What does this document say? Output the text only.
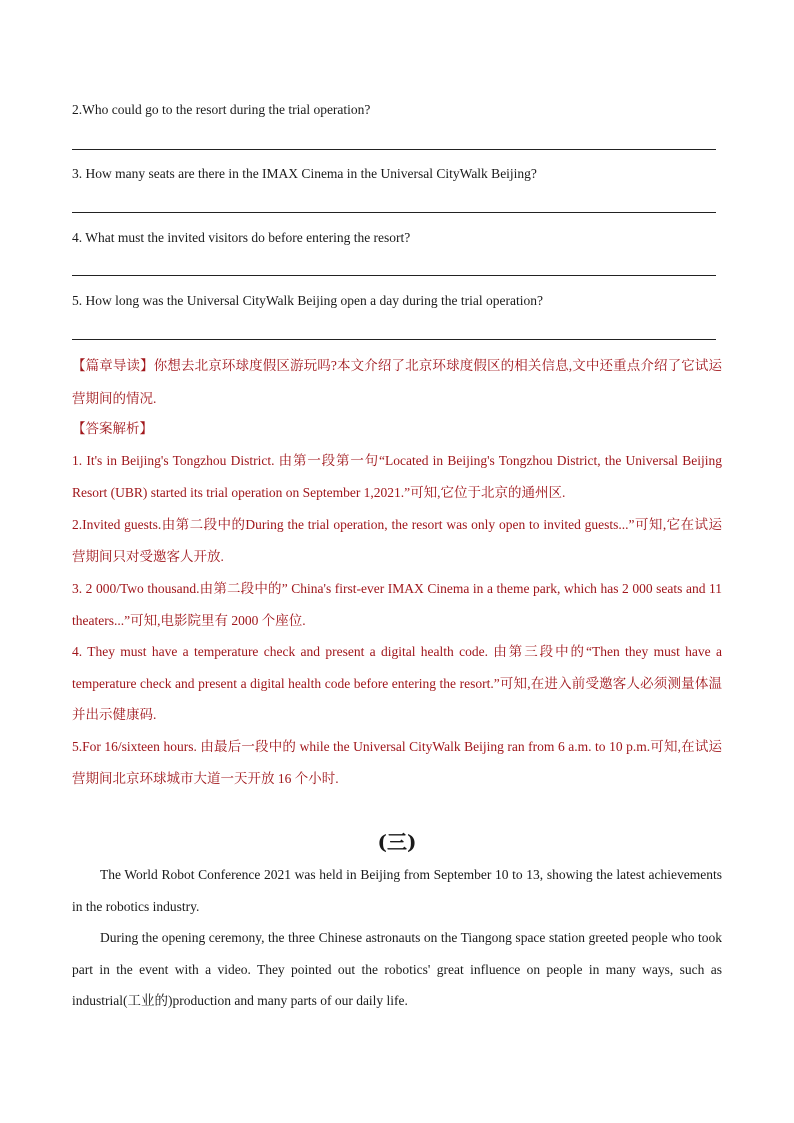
2.Who could go to the resort during the trial operation?
3. How many seats are there in the IMAX Cinema in the Universal CityWalk Beijing?
4. What must the invited visitors do before entering the resort?
5. How long was the Universal CityWalk Beijing open a day during the trial operation?
【篇章导读】你想去北京环球度假区游玩吗?本文介绍了北京环球度假区的相关信息,文中还重点介绍了它试运营期间的情况.
【答案解析】
1. It's in Beijing's Tongzhou District. 由第一段第一句“Located in Beijing's Tongzhou District, the Universal Beijing Resort (UBR) started its trial operation on September 1,2021.”可知,它位于北京的通州区.
2.Invited guests.由第二段中的During the trial operation, the resort was only open to invited guests...”可知,它在试运营期间只对受邀客人开放.
3. 2 000/Two thousand.由第二段中的” China's first-ever IMAX Cinema in a theme park, which has 2 000 seats and 11 theaters...”可知,电影院里有 2000 个座位.
4. They must have a temperature check and present a digital health code. 由第三段中的“Then they must have a temperature check and present a digital health code before entering the resort.”可知,在进入前受邀客人必须测量体温并出示健康码.
5.For 16/sixteen hours. 由最后一段中的 while the Universal CityWalk Beijing ran from 6 a.m. to 10 p.m.可知,在试运营期间北京环球城市大道一天开放 16 个小时.
(三)
The World Robot Conference 2021 was held in Beijing from September 10 to 13, showing the latest achievements in the robotics industry.
During the opening ceremony, the three Chinese astronauts on the Tiangong space station greeted people who took part in the event with a video. They pointed out the robotics' great influence on people in many ways, such as industrial(工业的)production and many parts of our daily life.
